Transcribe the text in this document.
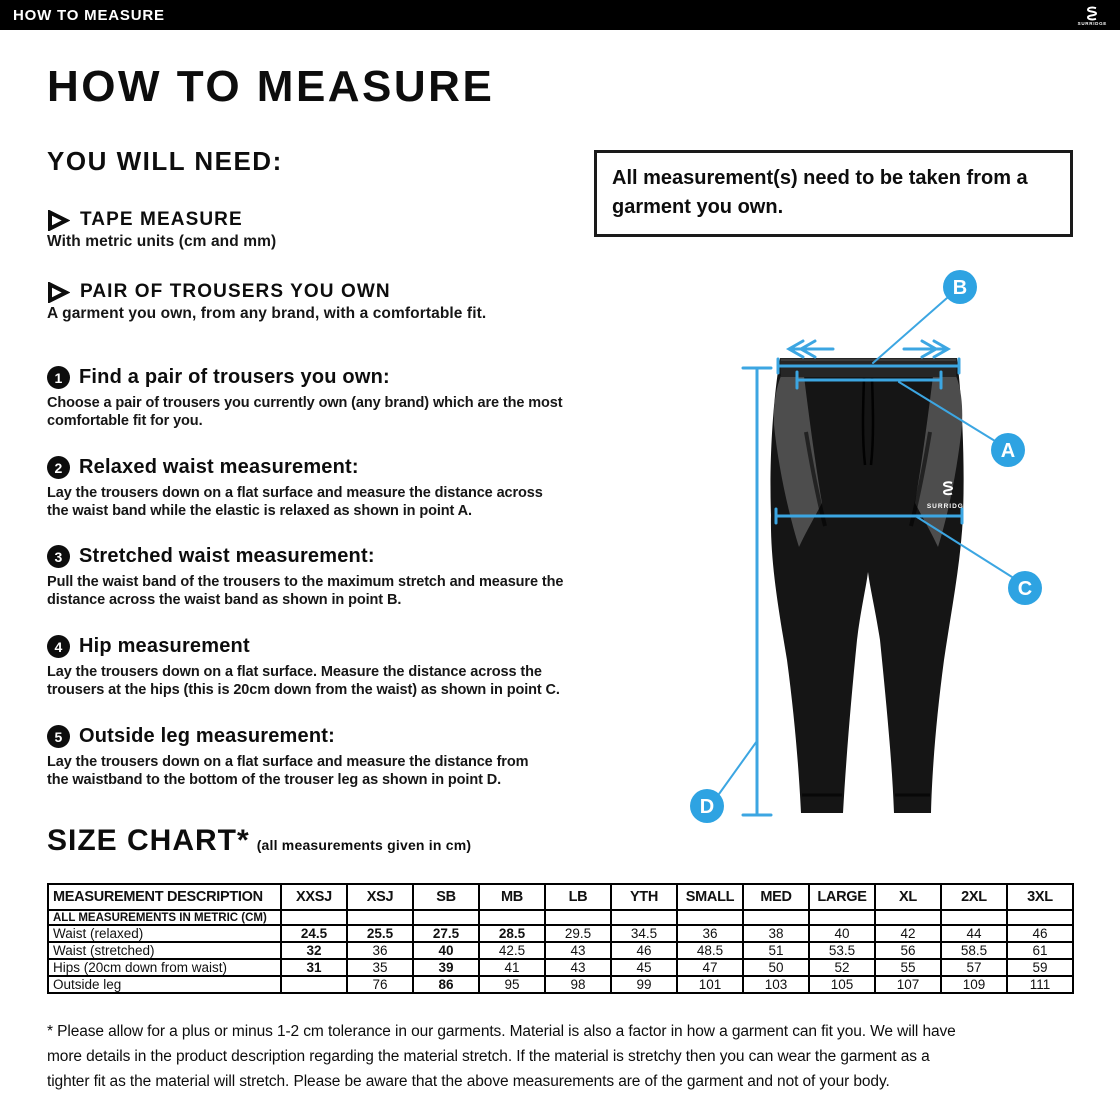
HOW TO MEASURE	SURRIDGE
HOW TO MEASURE
YOU WILL NEED:
TAPE MEASURE
With metric units (cm and mm)
PAIR OF TROUSERS YOU OWN
A garment you own, from any brand, with a comfortable fit.
All measurement(s) need to be taken from a garment you own.
1 Find a pair of trousers you own:
Choose a pair of trousers you currently own (any brand) which are the most
comfortable fit for you.
2 Relaxed waist measurement:
Lay the trousers down on a flat surface and measure the distance across
the waist band while the elastic is relaxed as shown in point A.
3 Stretched waist measurement:
Pull the waist band of the trousers to the maximum stretch and measure the
distance across the waist band as shown in point B.
4 Hip measurement
Lay the trousers down on a flat surface. Measure the distance across the
trousers at the hips (this is 20cm down from the waist) as shown in point C.
5 Outside leg measurement:
Lay the trousers down on a flat surface and measure the distance from
the waistband to the bottom of the trouser leg as shown in point D.
SURRIDGE
B
A
C
D
SIZE CHART* (all measurements given in cm)
MEASUREMENT DESCRIPTION	XXSJ	XSJ	SB	MB	LB	YTH	SMALL	MED	LARGE	XL	2XL	3XL
ALL MEASUREMENTS IN METRIC (CM)												
Waist (relaxed)	24.5	25.5	27.5	28.5	29.5	34.5	36	38	40	42	44	46
Waist (stretched)	32	36	40	42.5	43	46	48.5	51	53.5	56	58.5	61
Hips (20cm down from waist)	31	35	39	41	43	45	47	50	52	55	57	59
Outside leg		76	86	95	98	99	101	103	105	107	109	111
* Please allow for a plus or minus 1-2 cm tolerance in our garments. Material is also a factor in how a garment can fit you. We will have
more details in the product description regarding the material stretch. If the material is stretchy then you can wear the garment as a
tighter fit as the material will stretch. Please be aware that the above measurements are of the garment and not of your body.
